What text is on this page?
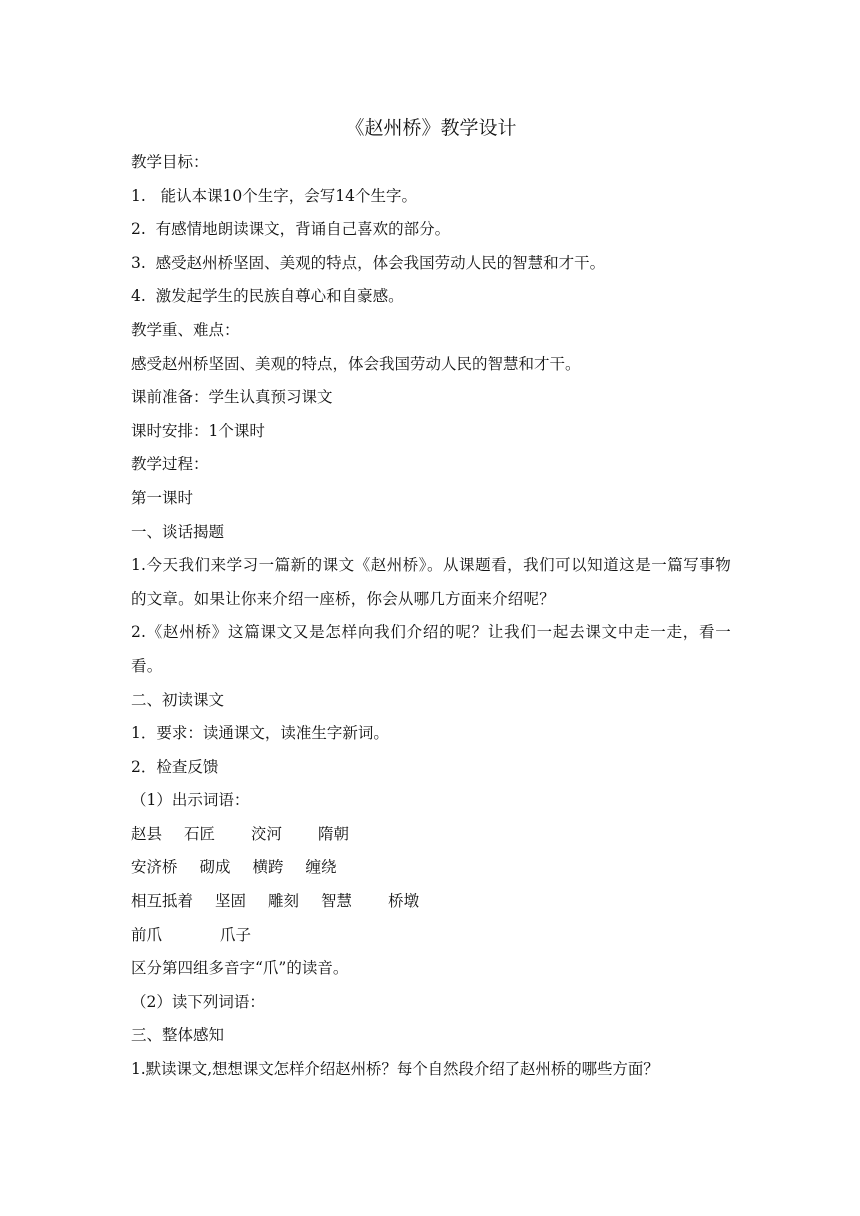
《赵州桥》教学设计
教学目标：
1.   能认本课10个生字，会写14个生字。
2.  有感情地朗读课文，背诵自己喜欢的部分。
3.  感受赵州桥坚固、美观的特点，体会我国劳动人民的智慧和才干。
4.  激发起学生的民族自尊心和自豪感。
教学重、难点：
感受赵州桥坚固、美观的特点，体会我国劳动人民的智慧和才干。
课前准备：学生认真预习课文
课时安排：1个课时
教学过程：
第一课时
一、谈话揭题
1.今天我们来学习一篇新的课文《赵州桥》。从课题看，我们可以知道这是一篇写事物的文章。如果让你来介绍一座桥，你会从哪几方面来介绍呢？
2.《赵州桥》这篇课文又是怎样向我们介绍的呢？让我们一起去课文中走一走，看一看。
二、初读课文
1．要求：读通课文，读准生字新词。
2．检查反馈
（1）出示词语：
赵县 石匠 洨河 隋朝
安济桥 砌成 横跨 缠绕
相互抵着 坚固 雕刻 智慧 桥墩
前爪	爪子
区分第四组多音字“爪”的读音。
（2）读下列词语：
三、整体感知
1.默读课文,想想课文怎样介绍赵州桥？每个自然段介绍了赵州桥的哪些方面？
